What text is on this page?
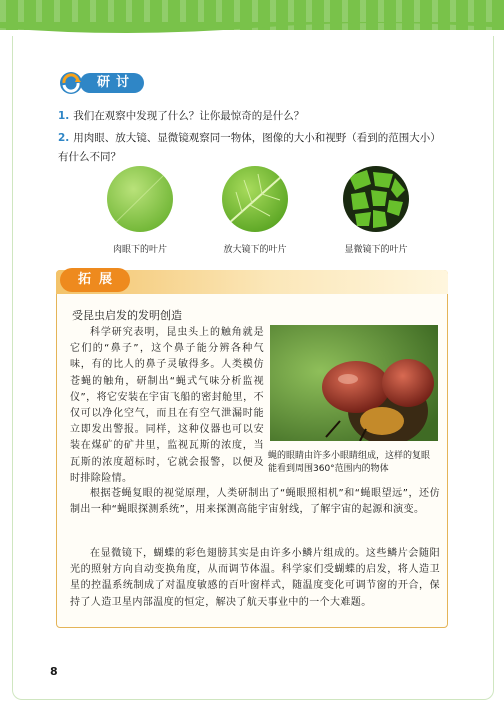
研讨
1. 我们在观察中发现了什么？让你最惊奇的是什么？
2. 用肉眼、放大镜、显微镜观察同一物体，图像的大小和视野（看到的范围大小）有什么不同？
肉眼下的叶片	放大镜下的叶片	显微镜下的叶片
拓展
受昆虫启发的发明创造
科学研究表明，昆虫头上的触角就是它们的“鼻子”，这个鼻子能分辨各种气味，有的比人的鼻子灵敏得多。人类模仿苍蝇的触角，研制出“蝇式气味分析监视仪”，将它安装在宇宙飞船的密封舱里，不仅可以净化空气，而且在有空气泄漏时能立即发出警报。同样，这种仪器也可以安装在煤矿的矿井里，监视瓦斯的浓度，当瓦斯的浓度超标时，它就会报警，以便及时排除险情。
蝇的眼睛由许多小眼睛组成，这样的复眼能看到周围360°范围内的物体
根据苍蝇复眼的视觉原理，人类研制出了“蝇眼照相机”和“蝇眼望远”，还仿制出一种“蝇眼探测系统”，用来探测高能宇宙射线，了解宇宙的起源和演变。
在显微镜下，蝴蝶的彩色翅膀其实是由许多小鳞片组成的。这些鳞片会随阳光的照射方向自动变换角度，从而调节体温。科学家们受蝴蝶的启发，将人造卫星的控温系统制成了对温度敏感的百叶窗样式，随温度变化可调节窗的开合，保持了人造卫星内部温度的恒定，解决了航天事业中的一个大难题。
8
